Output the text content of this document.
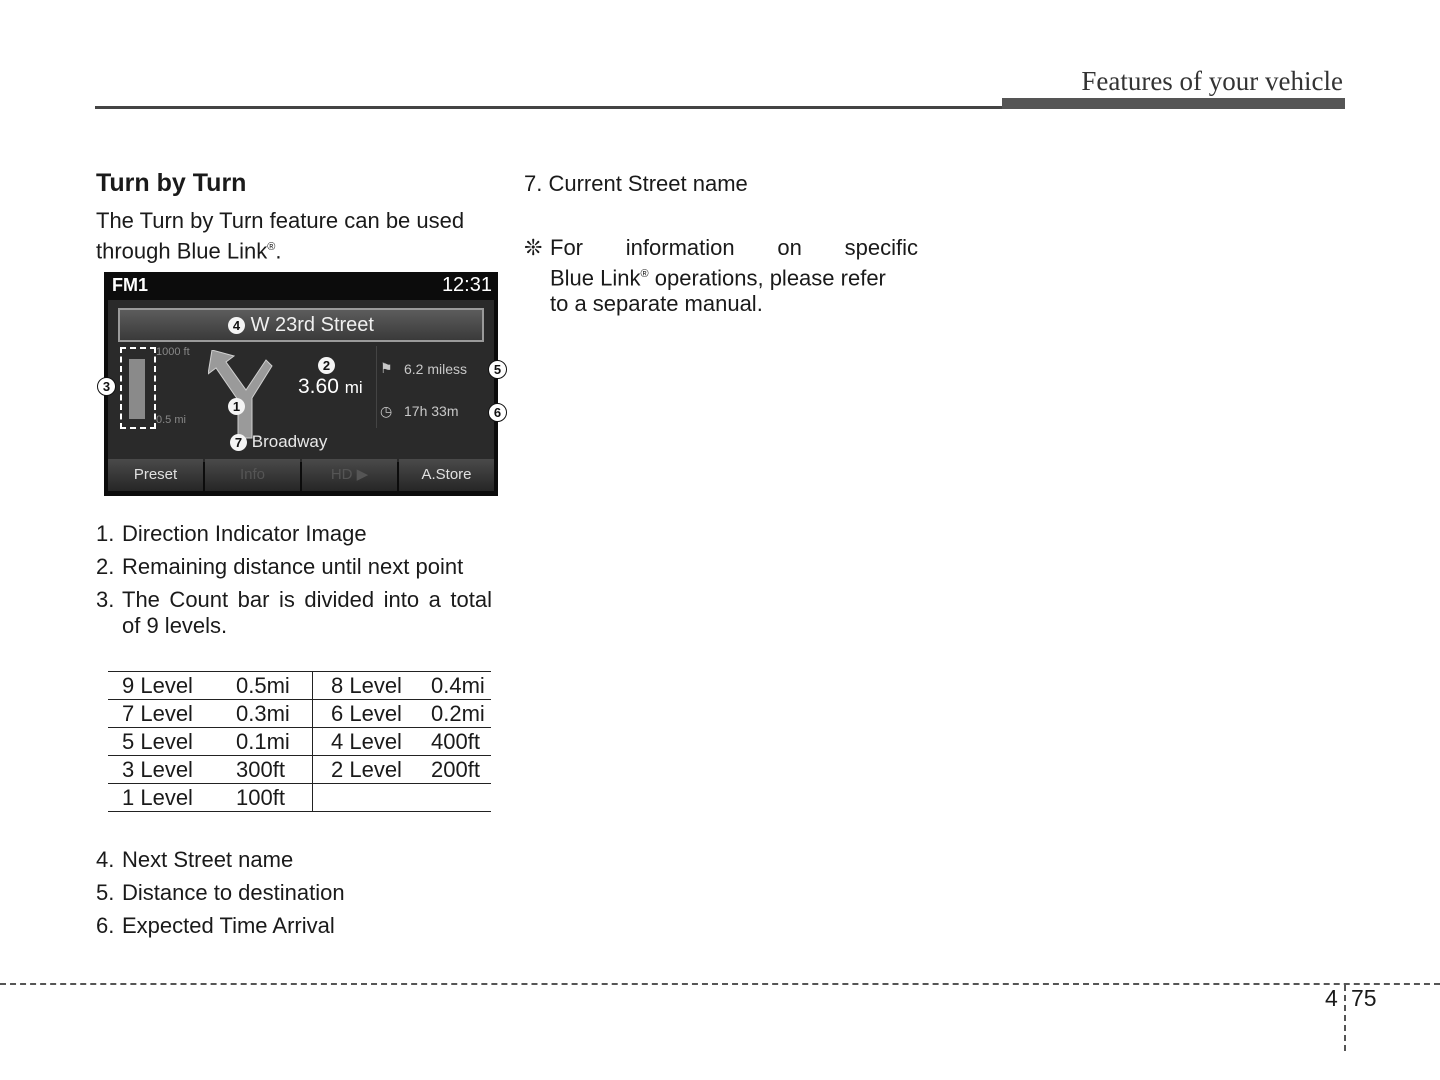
Features of your vehicle
Turn by Turn
The Turn by Turn feature can be used through Blue Link®.
FM1	12:31
4 W 23rd Street
1000 ft
0.5 mi
1
2
3.60 mi
⚑ 6.2 miless
◷ 17h 33m
7 Broadway
Preset	Info	HD ▶	A.Store
3
5
6
1. Direction Indicator Image
2. Remaining distance until next point
3. The Count bar is divided into a total of 9 levels.
9 Level	0.5mi	8 Level	0.4mi
7 Level	0.3mi	6 Level	0.2mi
5 Level	0.1mi	4 Level	400ft
3 Level	300ft	2 Level	200ft
1 Level	100ft		
4. Next Street name
5. Distance to destination
6. Expected Time Arrival
7. Current Street name
❊ For information on specific
Blue Link® operations, please refer
to a separate manual.
4 75
